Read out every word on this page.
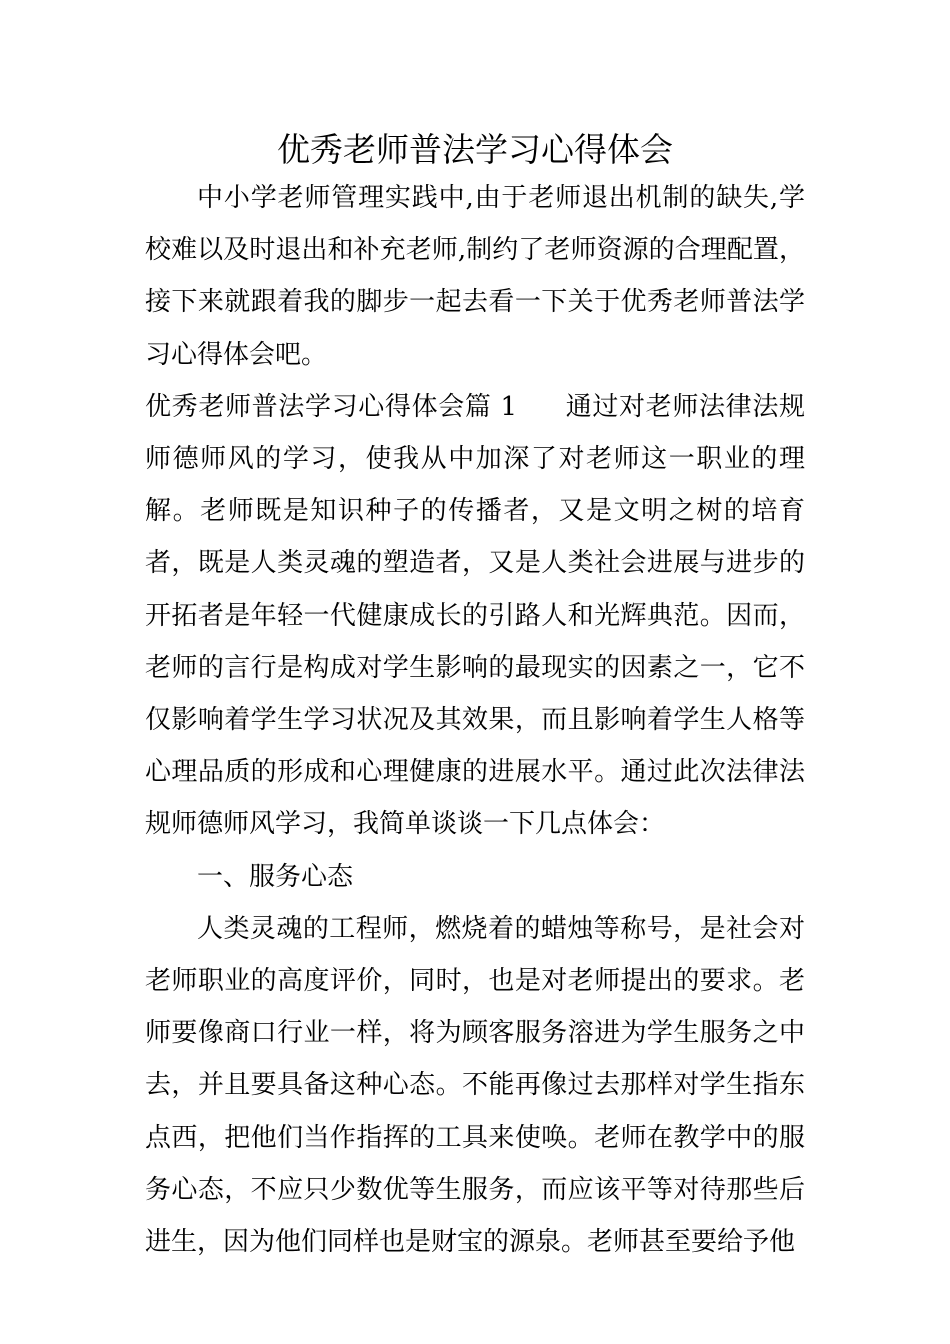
优秀老师普法学习心得体会

中小学老师管理实践中,由于老师退出机制的缺失,学校难以及时退出和补充老师,制约了老师资源的合理配置，接下来就跟着我的脚步一起去看一下关于优秀老师普法学习心得体会吧。

优秀老师普法学习心得体会篇 1 通过对老师法律法规师德师风的学习，使我从中加深了对老师这一职业的理解。老师既是知识种子的传播者，又是文明之树的培育者，既是人类灵魂的塑造者，又是人类社会进展与进步的开拓者是年轻一代健康成长的引路人和光辉典范。因而，老师的言行是构成对学生影响的最现实的因素之一，它不仅影响着学生学习状况及其效果，而且影响着学生人格等心理品质的形成和心理健康的进展水平。通过此次法律法规师德师风学习，我简单谈谈一下几点体会：

一、服务心态

人类灵魂的工程师，燃烧着的蜡烛等称号，是社会对老师职业的高度评价，同时，也是对老师提出的要求。老师要像商口行业一样，将为顾客服务溶进为学生服务之中去，并且要具备这种心态。不能再像过去那样对学生指东点西，把他们当作指挥的工具来使唤。老师在教学中的服务心态，不应只少数优等生服务，而应该平等对待那些后进生，因为他们同样也是财宝的源泉。老师甚至要给予他
